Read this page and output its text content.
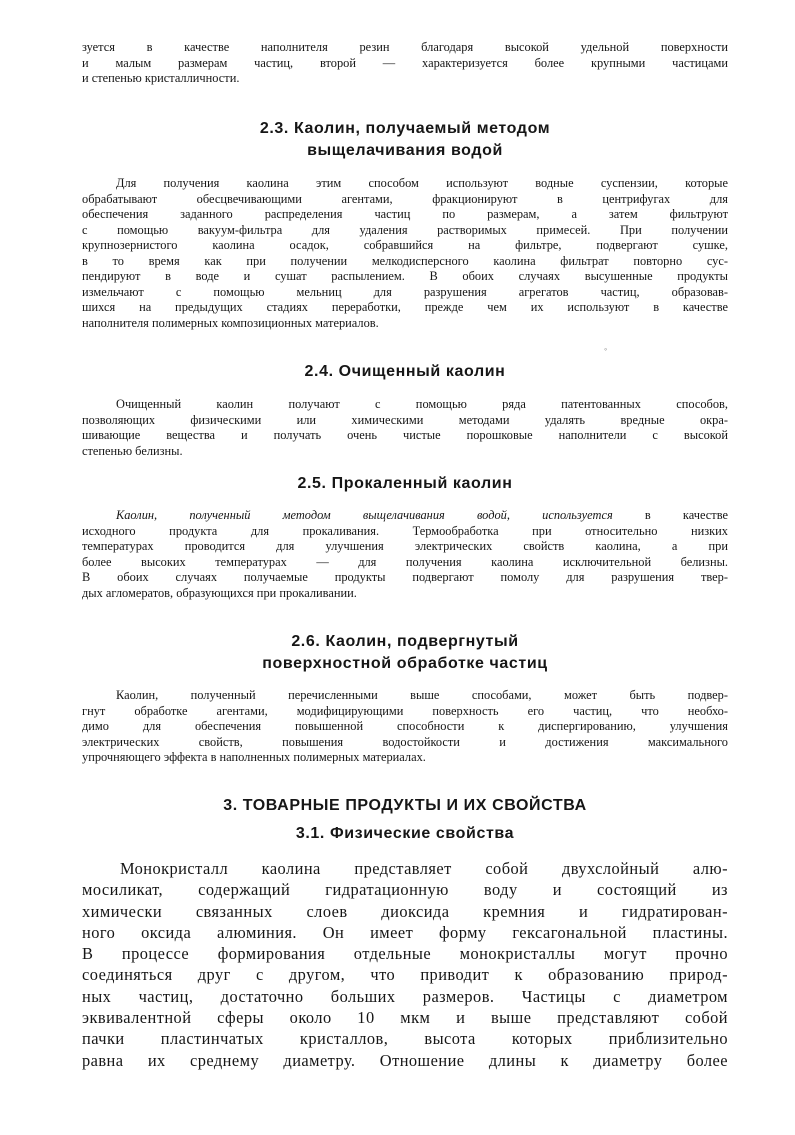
зуется в качестве наполнителя резин благодаря высокой удельной поверхности
и малым размерам частиц, второй — характеризуется более крупными частицами
и степенью кристалличности.
2.3. Каолин, получаемый методом
выщелачивания водой
Для получения каолина этим способом используют водные суспензии, которые
обрабатывают обесцвечивающими агентами, фракционируют в центрифугах для
обеспечения заданного распределения частиц по размерам, а затем фильтруют
с помощью вакуум-фильтра для удаления растворимых примесей. При получении
крупнозернистого каолина осадок, собравшийся на фильтре, подвергают сушке,
в то время как при получении мелкодисперсного каолина фильтрат повторно сус-
пендируют в воде и сушат распылением. В обоих случаях высушенные продукты
измельчают с помощью мельниц для разрушения агрегатов частиц, образовав-
шихся на предыдущих стадиях переработки, прежде чем их используют в качестве
наполнителя полимерных композиционных материалов.
◦
2.4. Очищенный каолин
Очищенный каолин получают с помощью ряда патентованных способов,
позволяющих физическими или химическими методами удалять вредные окра-
шивающие вещества и получать очень чистые порошковые наполнители с высокой
степенью белизны.
2.5. Прокаленный каолин
Каолин, полученный методом выщелачивания водой, используется в качестве
исходного продукта для прокаливания. Термообработка при относительно низких
температурах проводится для улучшения электрических свойств каолина, а при
более высоких температурах — для получения каолина исключительной белизны.
В обоих случаях получаемые продукты подвергают помолу для разрушения твер-
дых агломератов, образующихся при прокаливании.
2.6. Каолин, подвергнутый
поверхностной обработке частиц
Каолин, полученный перечисленными выше способами, может быть подвер-
гнут обработке агентами, модифицирующими поверхность его частиц, что необхо-
димо для обеспечения повышенной способности к диспергированию, улучшения
электрических свойств, повышения водостойкости и достижения максимального
упрочняющего эффекта в наполненных полимерных материалах.
3. ТОВАРНЫЕ ПРОДУКТЫ И ИХ СВОЙСТВА
3.1. Физические свойства
Монокристалл каолина представляет собой двухслойный алю-
мосиликат, содержащий гидратационную воду и состоящий из
химически связанных слоев диоксида кремния и гидратирован-
ного оксида алюминия. Он имеет форму гексагональной пластины.
В процессе формирования отдельные монокристаллы могут прочно
соединяться друг с другом, что приводит к образованию природ-
ных частиц, достаточно больших размеров. Частицы с диаметром
эквивалентной сферы около 10 мкм и выше представляют собой
пачки пластинчатых кристаллов, высота которых приблизительно
равна их среднему диаметру. Отношение длины к диаметру более
